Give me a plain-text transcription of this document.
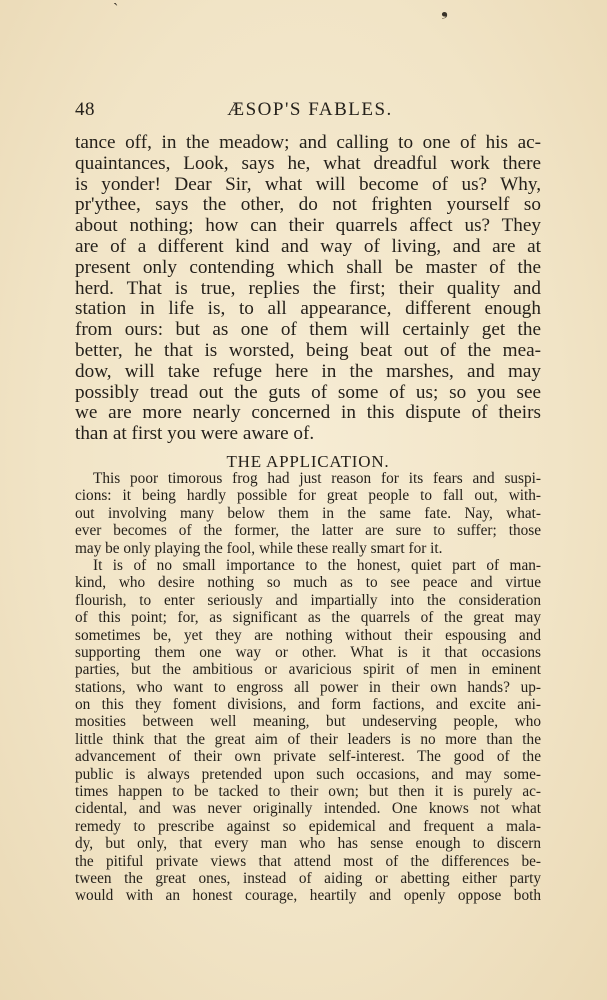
ˋ	❟
48	ÆSOP'S FABLES.
tance off, in the meadow; and calling to one of his ac-
quaintances, Look, says he, what dreadful work there
is yonder! Dear Sir, what will become of us? Why,
pr'ythee, says the other, do not frighten yourself so
about nothing; how can their quarrels affect us? They
are of a different kind and way of living, and are at
present only contending which shall be master of the
herd. That is true, replies the first; their quality and
station in life is, to all appearance, different enough
from ours: but as one of them will certainly get the
better, he that is worsted, being beat out of the mea-
dow, will take refuge here in the marshes, and may
possibly tread out the guts of some of us; so you see
we are more nearly concerned in this dispute of theirs
than at first you were aware of.
THE APPLICATION.
This poor timorous frog had just reason for its fears and suspi-
cions: it being hardly possible for great people to fall out, with-
out involving many below them in the same fate. Nay, what-
ever becomes of the former, the latter are sure to suffer; those
may be only playing the fool, while these really smart for it.
It is of no small importance to the honest, quiet part of man-
kind, who desire nothing so much as to see peace and virtue
flourish, to enter seriously and impartially into the consideration
of this point; for, as significant as the quarrels of the great may
sometimes be, yet they are nothing without their espousing and
supporting them one way or other. What is it that occasions
parties, but the ambitious or avaricious spirit of men in eminent
stations, who want to engross all power in their own hands? up-
on this they foment divisions, and form factions, and excite ani-
mosities between well meaning, but undeserving people, who
little think that the great aim of their leaders is no more than the
advancement of their own private self-interest. The good of the
public is always pretended upon such occasions, and may some-
times happen to be tacked to their own; but then it is purely ac-
cidental, and was never originally intended. One knows not what
remedy to prescribe against so epidemical and frequent a mala-
dy, but only, that every man who has sense enough to discern
the pitiful private views that attend most of the differences be-
tween the great ones, instead of aiding or abetting either party
would with an honest courage, heartily and openly oppose both
